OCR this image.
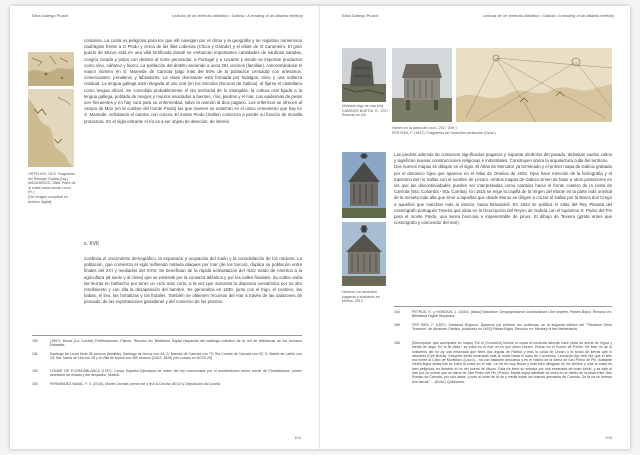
Elisa Gallego Picard	Lectura de un territorio atlántico • Galicia • A reading of an Atlantic territory
ORTELIUS, 1570. Fragmento del Reinado Galicia (Izq.)
MAGARIÑOS, 1588. Parte de la costa hacia monte Louro (Fr.)
[Ver imagen completa en Archivo digital]
corsarios. La costa es peligrosa para los que allí navegan por el clima y la geografía y se registran numerosos naufragios frente a O Pindo y cerca de las illas Lobeiras (Chica y Grande) y el islote de O Carumeiro. El gran puerto de Muros está en una villa fortificada donde se embarcan importantes cantidades de sardinas saladas, congrio curado y pulpo con destino al norte peninsular, a Portugal y a Levante y donde se importan productos como vino, cáñamo y hierro. La población del ámbito asciende a unos 261 vecinos (familias), concentrándose el mayor número en S. Mamede de Carnota (algo más del 50% de la población censada) con artesanos, comerciantes, jornaleros y labradores. La clase dominante está formada por hidalgos, clero y una nobleza residual. La lengua gallega está relegada al uso oral (en los Séculos Oscuros de Galicia), al fijarse el castellano como lengua oficial. Se consolida probablemente el rito territorial de lo intangible, la cultura oral ligada a la lengua gallega, poblada de meigos y mouros asociados a fuentes, ríos, piedras y el mar. Las epidemias de peste son frecuentes y no hay cura para su enfermedad, salvo la oración al dios pagano. Los enfermos se ofrecen al campo de Moo (en la cumbre del monte Pindo) los que mueren se entierran en el único cementerio que hay en S. Mamede, señalando el camino con cruces. El monte Pindo (Xallas) comienza a perder su función de muralla protectora. En el siglo entrante el río va a ser objeto de atención, de interés.
s. XVII
Continúa el crecimiento demográfico, la expansión y ocupación del suelo y la consolidación de los núcleos. La población, que comienza el siglo sufriendo todavía ataques por mar (de los turcos), duplica su población entre finales del XVI y mediados del XVIII. Se benefician de la rápida aclimatación del maíz traído de América a la agricultura (al suelo y al clima) que se extiende por la comarca atlántica y por los valles fluviales. Su cultivo evita las tierras en barbecho por tener un ciclo más corto, a la vez que aumenta la dispensa cerealística por su alto rendimiento y con ella la desaparición del hambre. Se generaliza en 1630, junto con el trigo, el centeno, las habas, el lino, las hortalizas y los frutales. También se obtienen recursos del mar a través de las salazones de pescado, de las exportaciones ganaderas y del comercio de los puertos.
150	(1597). Muros (La Coruña) Fortificaciones. Planos. Recurso en: Biblioteca Digital Hispánica del catálogo colectivo de la red de bibliotecas de los Archivos Estatales.
151	Santiago de Louro tiene 35 vecinos (familias), Santiago de Ancos con 43; S. Mamed de Carnota con 79; Sta Comba de Carnota con 32; S. Martín de Lariño con 15; Sta. María de Lira con 28 y la Villa de Muros con 450 vecinos (GUIZ, 1829) [ver cuadro en NOTA 28]
152	CONDE DE FLORIDABLANCA (1787). Censo Español Ejecutado de orden del rey comunicada por el excelentísimo señor conde de Floridablanca, primer secretario de estado y del despacho, Madrid.
153	FERNÁNDEZ NAVAL, F. X. (2016). Monte Carnota, perdo me o teu! A Coruña: AELG y Deputación da Coruña.
104
Elisa Gallego Picard	Lectura de un territorio atlántico • Galicia • A reading of an Atlantic territory
Molinete-tirgo de una ería CAMINOS BOETIA, R., 2017. Recurso en AD
Hórreo en la aldea de Louro, 2017 (Der.)
FER ISEA, F. (1637). Fragmento del horizonte peninsular (Dcha.)
Hórreos con símbolos paganos y cristianos en Muños, 2012.
Las piedras además de conservar significados paganos y soportar símbolos del pasado, delimitan suelos cultos y significan nuevas construcciones religiosas e industriales. Construyen ahora la arquitectura culta del territorio.
Dos nuevos mapas se dibujan en el siglo. El Atlas de Mercator ya terminado y el primer mapa de Galicia grabado por el dominico Ojea que aparece en el Atlas de Ortelius de 1603. Ojea hace mención de la hidrografía y el topónimo del río Xallas con el nombre de Lézaro. Ambos mapas de Galicia sirven de base a otros posteriores en los que las discontinuidades pueden ser interpretadas como cambios hacia el frente costero de la costa de Carnota (Sta. Columba - Sta. Comba). En 1615 se erige la capilla de la Virgen del Monte en la parte más oriental de la meseta más alta que sirve a aquellos que desde Muros se dirigen a cruzar el Xallas por la Barca dos Crego a aquellos que marchan más al interior, hacia Brandomil. En 1634 se publica el Atlas del Rey Planeta del cosmógrafo portugués Texeira que sitúa en la Descripción del Reyno de Galicia con el topónimo S. Pedro del Pin para el monte Pindo, una sierra boscosa e impenetrable de pinos. El dibujo de Texeira (girata antes que cosmógrafo y conocedor del mar)
154	PETRUS, R. y HONDIUS, J. (1616). [Atlas] Tabularum Geographicarum contractarum Libri septem, Países Bajos. Recurso en: Biblioteca Digital Hispánica.
155	FER ISEA, F. (1637). Gallaecia Regnum. [Aparece por primera vez publicado, en la segunda edición del "Theatrum Orbis Terrarum" de Abraham Ortelius, publicado en 1603] Países Bajos. Recurso en: Memory of the Netherlands.
156	[Descripción que acompaña su mapa] "De el (Corubión) buelue la costa al medioda adonde hace plaia de arena de legua y media de largo. En el fin della / se entra en el mar un río que dizen Lézaro. Entran en el Gurvín de Poliño. De este río de la sotavento del río ay una ensenada que tiene dos leguas de Riaños y más la costa de Lézaro y el fondo de tierras que lo atraviesa [Cee-Brens]. Después desta ensenada está la costa hasta el cabo de Corrubedo. Leonardo dijo otra vez que el sitio era fuerte al Cabo de Monteloro (Louro)... ha con bastante descanso y es el mismo de la sierra de San Pedro de Pin. Adelante media legua desta isla se entra la costa en el mar. La ría es muy limpia y está bien abrigada de los vientos y más la costa es bien peligrosa, es llamado el río del puerto de Muros. Esta ría tiene su entrada por una ensenada de buen fondo, y se sale al mar por un monte que se llama de San Pedro del Pin (Pindo). Media legua adelante se entra en el medio de la plaia entre San Roman de Carnota, por una aldea, y más al norte de la ría y media están los buenos pescados de Carnota. De la ría se forman dos barras" ... (Dcha.) Quinhones.
105
